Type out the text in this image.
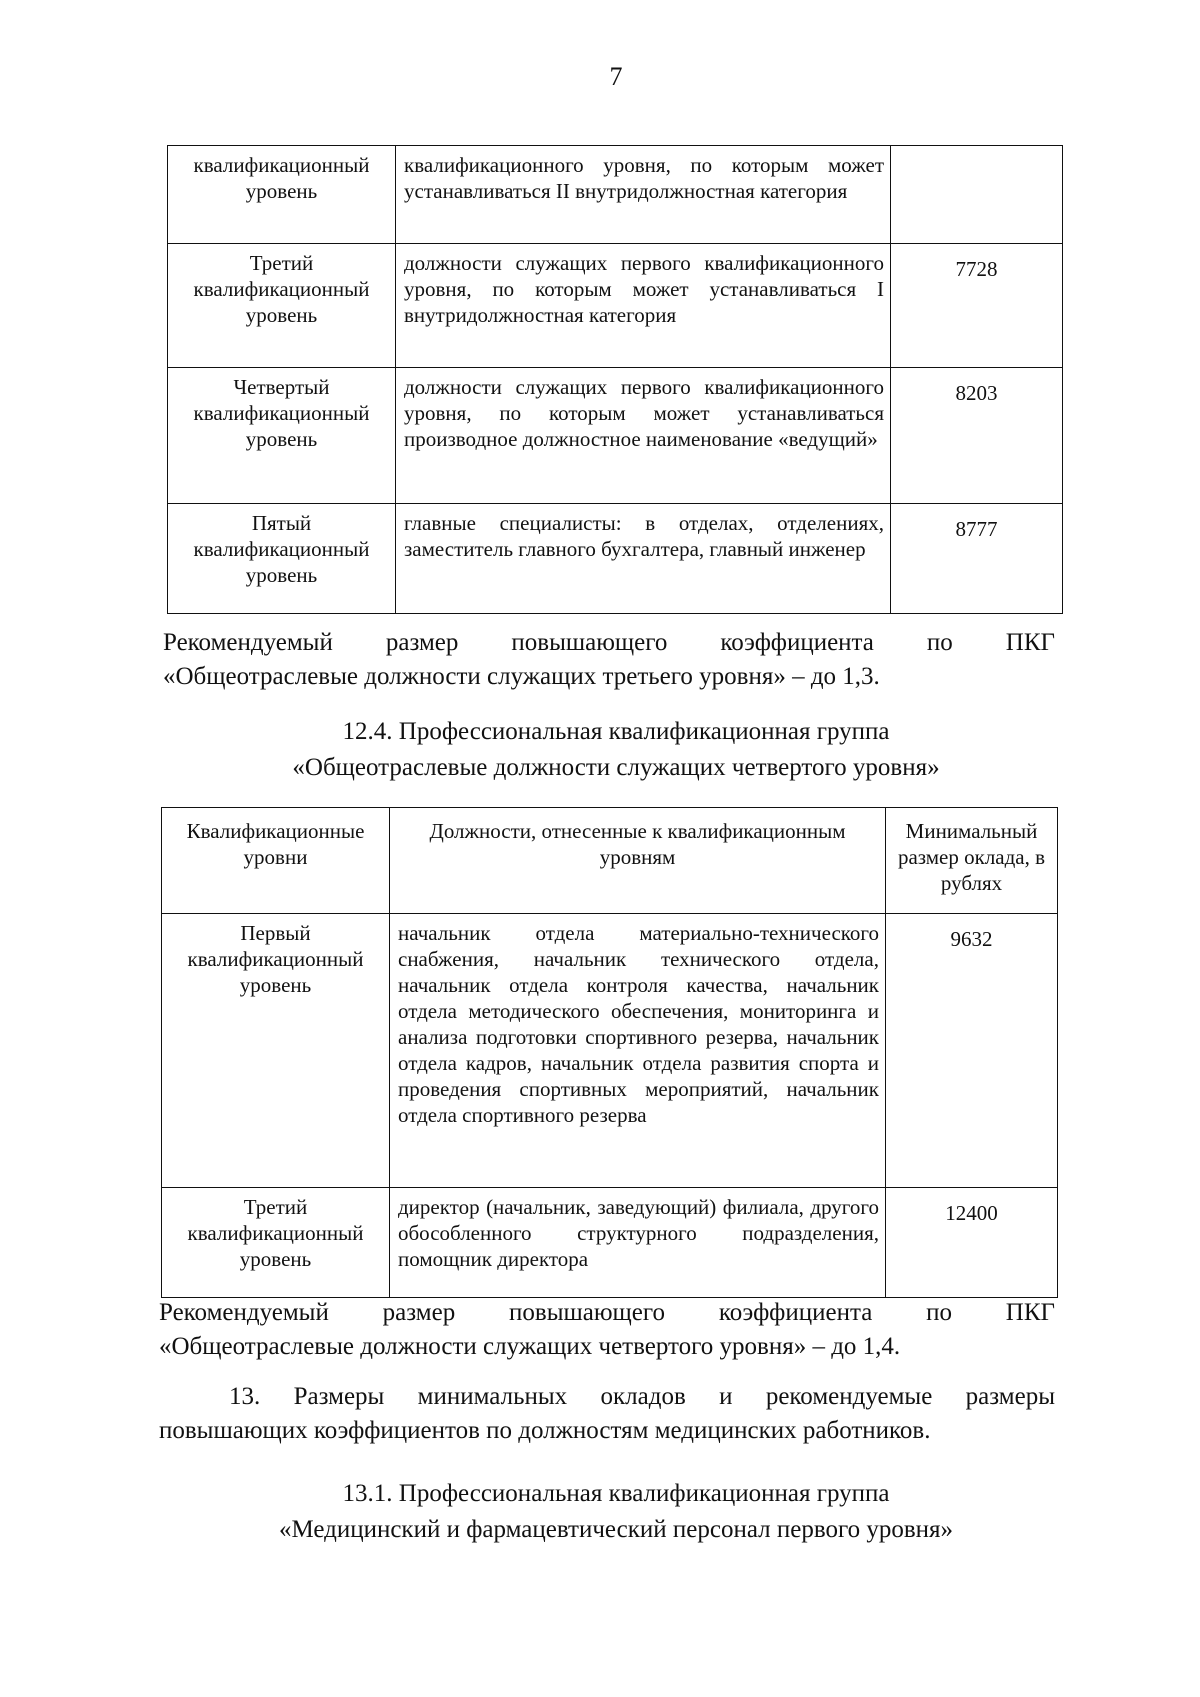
7
квалификационный уровень	квалификационного уровня, по которым может устанавливаться II внутридолжностная категория	
Третий квалификационный уровень	должности служащих первого квалификационного уровня, по которым может устанавливаться I внутридолжностная категория	7728
Четвертый квалификационный уровень	должности служащих первого квалификационного уровня, по которым может устанавливаться производное должностное наименование «ведущий»	8203
Пятый квалификационный уровень	главные специалисты: в отделах, отделениях, заместитель главного бухгалтера, главный инженер	8777
Рекомендуемый размер повышающего коэффициента по ПКГ
«Общеотраслевые должности служащих третьего уровня» – до 1,3.
12.4. Профессиональная квалификационная группа
«Общеотраслевые должности служащих четвертого уровня»
Квалификационные уровни	Должности, отнесенные к квалификационным уровням	Минимальный размер оклада, в рублях
Первый квалификационный уровень	начальник отдела материально-технического снабжения, начальник технического отдела, начальник отдела контроля качества, начальник отдела методического обеспечения, мониторинга и анализа подготовки спортивного резерва, начальник отдела кадров, начальник отдела развития спорта и проведения спортивных мероприятий, начальник отдела спортивного резерва	9632
Третий квалификационный уровень	директор (начальник, заведующий) филиала, другого обособленного структурного подразделения, помощник директора	12400
Рекомендуемый размер повышающего коэффициента по ПКГ
«Общеотраслевые должности служащих четвертого уровня» – до 1,4.
13. Размеры минимальных окладов и рекомендуемые размеры
повышающих коэффициентов по должностям медицинских работников.
13.1. Профессиональная квалификационная группа
«Медицинский и фармацевтический персонал первого уровня»
